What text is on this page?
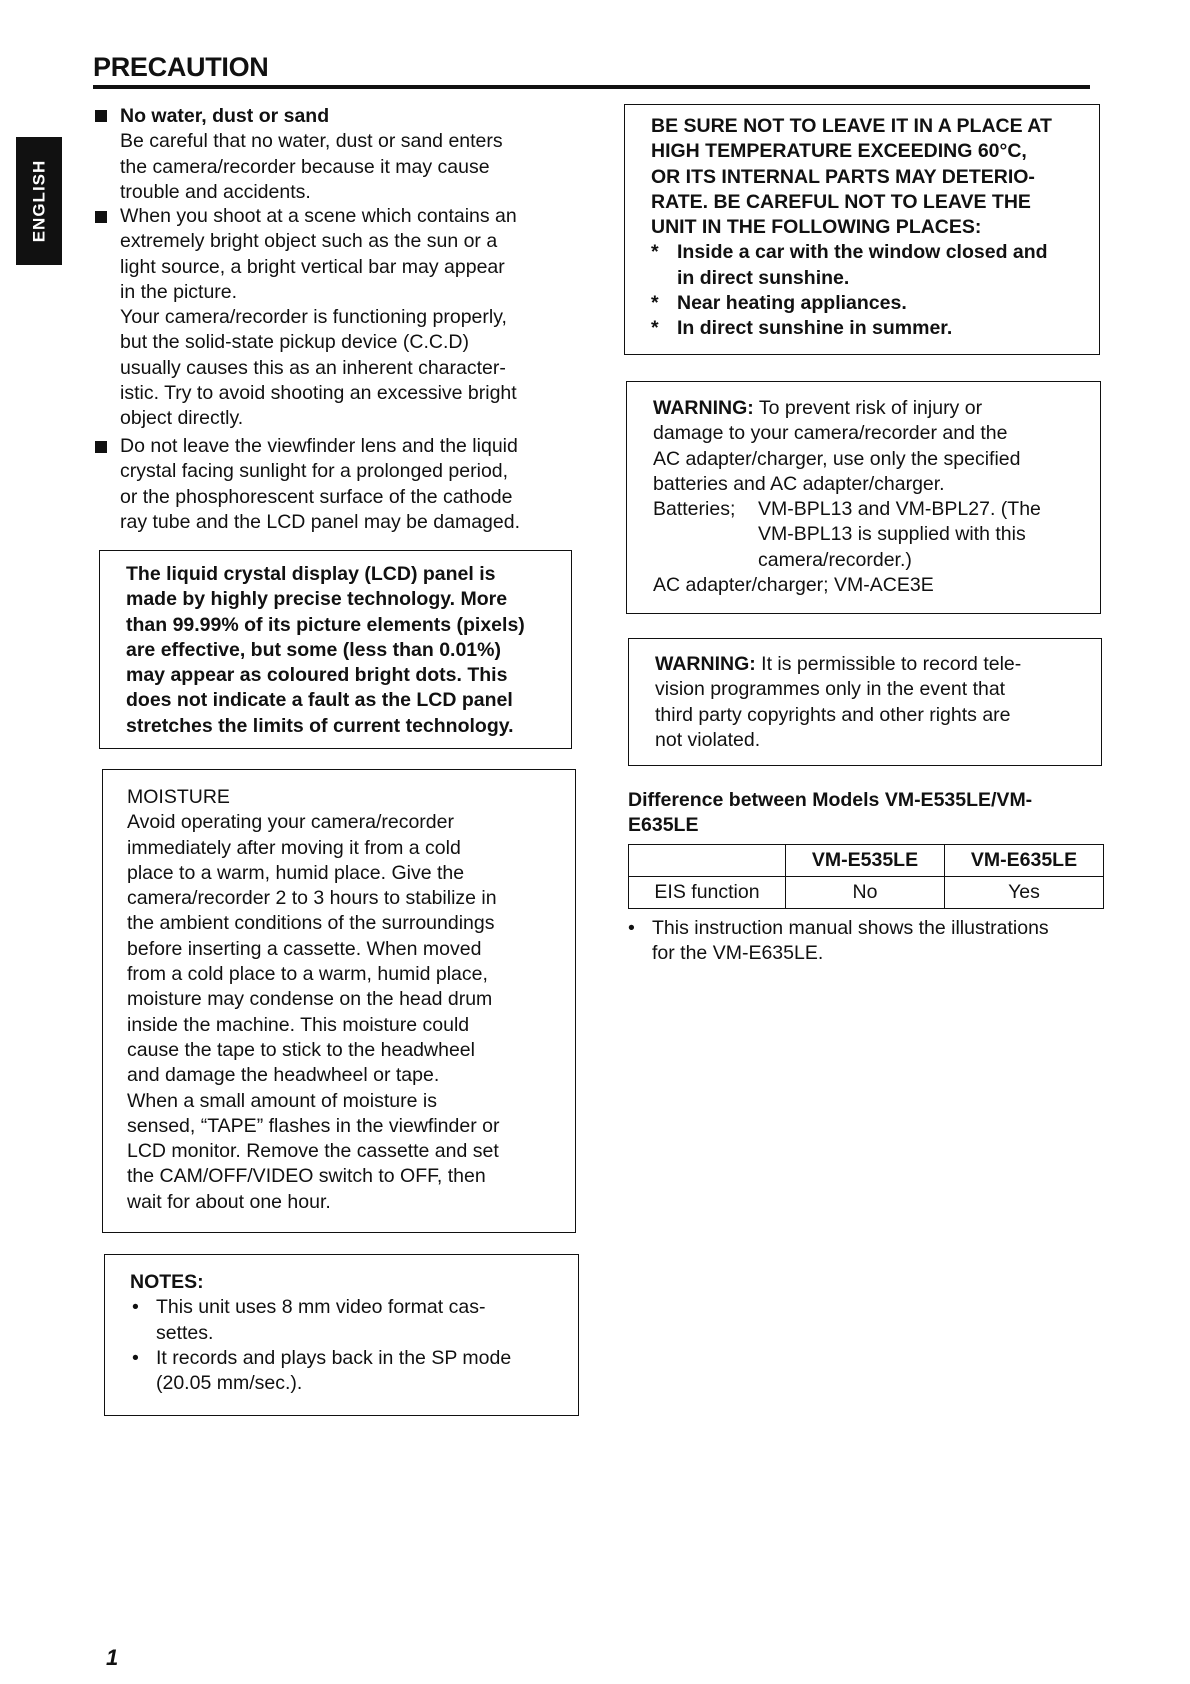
PRECAUTION
ENGLISH
No water, dust or sand
Be careful that no water, dust or sand enters
the camera/recorder because it may cause
trouble and accidents.
When you shoot at a scene which contains an
extremely bright object such as the sun or a
light source, a bright vertical bar may appear
in the picture.
Your camera/recorder is functioning properly,
but the solid-state pickup device (C.C.D)
usually causes this as an inherent character-
istic. Try to avoid shooting an excessive bright
object directly.
Do not leave the viewfinder lens and the liquid
crystal facing sunlight for a prolonged period,
or the phosphorescent surface of the cathode
ray tube and the LCD panel may be damaged.
The liquid crystal display (LCD) panel is
made by highly precise technology. More
than 99.99% of its picture elements (pixels)
are effective, but some (less than 0.01%)
may appear as coloured bright dots. This
does not indicate a fault as the LCD panel
stretches the limits of current technology.
MOISTURE
Avoid operating your camera/recorder
immediately after moving it from a cold
place to a warm, humid place. Give the
camera/recorder 2 to 3 hours to stabilize in
the ambient conditions of the surroundings
before inserting a cassette. When moved
from a cold place to a warm, humid place,
moisture may condense on the head drum
inside the machine. This moisture could
cause the tape to stick to the headwheel
and damage the headwheel or tape.
When a small amount of moisture is
sensed, “TAPE” flashes in the viewfinder or
LCD monitor. Remove the cassette and set
the CAM/OFF/VIDEO switch to OFF, then
wait for about one hour.
NOTES:
• This unit uses 8 mm video format cas-
settes.
• It records and plays back in the SP mode
(20.05 mm/sec.).
BE SURE NOT TO LEAVE IT IN A PLACE AT
HIGH TEMPERATURE EXCEEDING 60°C,
OR ITS INTERNAL PARTS MAY DETERIO-
RATE. BE CAREFUL NOT TO LEAVE THE
UNIT IN THE FOLLOWING PLACES:
* Inside a car with the window closed and
in direct sunshine.
* Near heating appliances.
* In direct sunshine in summer.
WARNING: To prevent risk of injury or
damage to your camera/recorder and the
AC adapter/charger, use only the specified
batteries and AC adapter/charger.
Batteries;	VM-BPL13 and VM-BPL27. (The
VM-BPL13 is supplied with this
camera/recorder.)
AC adapter/charger; VM-ACE3E
WARNING: It is permissible to record tele-
vision programmes only in the event that
third party copyrights and other rights are
not violated.
Difference between Models VM-E535LE/VM-
E635LE
	VM-E535LE	VM-E635LE
EIS function	No	Yes
• This instruction manual shows the illustrations
for the VM-E635LE.
1
